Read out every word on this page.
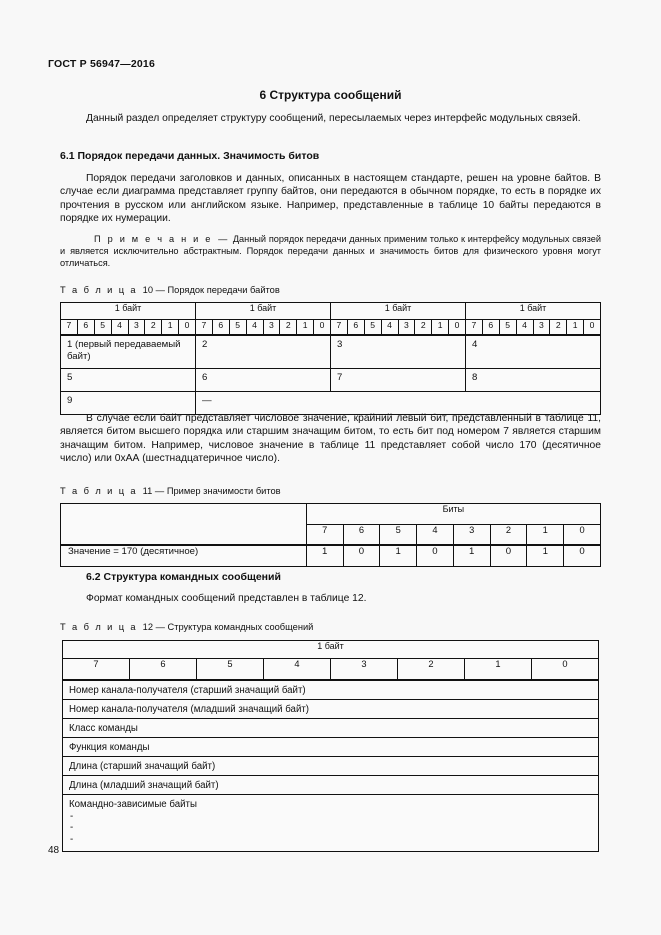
ГОСТ Р 56947—2016
6 Структура сообщений

Данный раздел определяет структуру сообщений, пересылаемых через интерфейс модульных связей.

6.1 Порядок передачи данных. Значимость битов

Порядок передачи заголовков и данных, описанных в настоящем стандарте, решен на уровне байтов. В случае если диаграмма представляет группу байтов, они передаются в обычном порядке, то есть в порядке их прочтения в русском или английском языке. Например, представленные в таблице 10 байты передаются в порядке их нумерации.

П р и м е ч а н и е — Данный порядок передачи данных применим только к интерфейсу модульных связей и является исключительно абстрактным. Порядок передачи данных и значимость битов для физического уровня могут отличаться.

Т а б л и ц а 10 — Порядок передачи байтов

1 байт								1 байт								1 байт								1 байт							
7	6	5	4	3	2	1	0	7	6	5	4	3	2	1	0	7	6	5	4	3	2	1	0	7	6	5	4	3	2	1	0
1 (первый передаваемый байт)								2								3								4							
5								6								7								8							
9								—																							

В случае если байт представляет числовое значение, крайний левый бит, представленный в таблице 11, является битом высшего порядка или старшим значащим битом, то есть бит под номером 7 является старшим значащим битом. Например, числовое значение в таблице 11 представляет собой число 170 (десятичное число) или 0хАА (шестнадцатеричное число).

Т а б л и ц а 11 — Пример значимости битов

	Биты							
	7	6	5	4	3	2	1	0
Значение = 170 (десятичное)	1	0	1	0	1	0	1	0
6.2 Структура командных сообщений

Формат командных сообщений представлен в таблице 12.

Т а б л и ц а 12 — Структура командных сообщений

1 байт
7	6	5	4	3	2	1	0
Номер канала-получателя (старший значащий байт)
Номер канала-получателя (младший значащий байт)
Класс команды
Функция команды
Длина (старший значащий байт)
Длина (младший значащий байт)
Командно-зависимые байты
-
-
-
48
